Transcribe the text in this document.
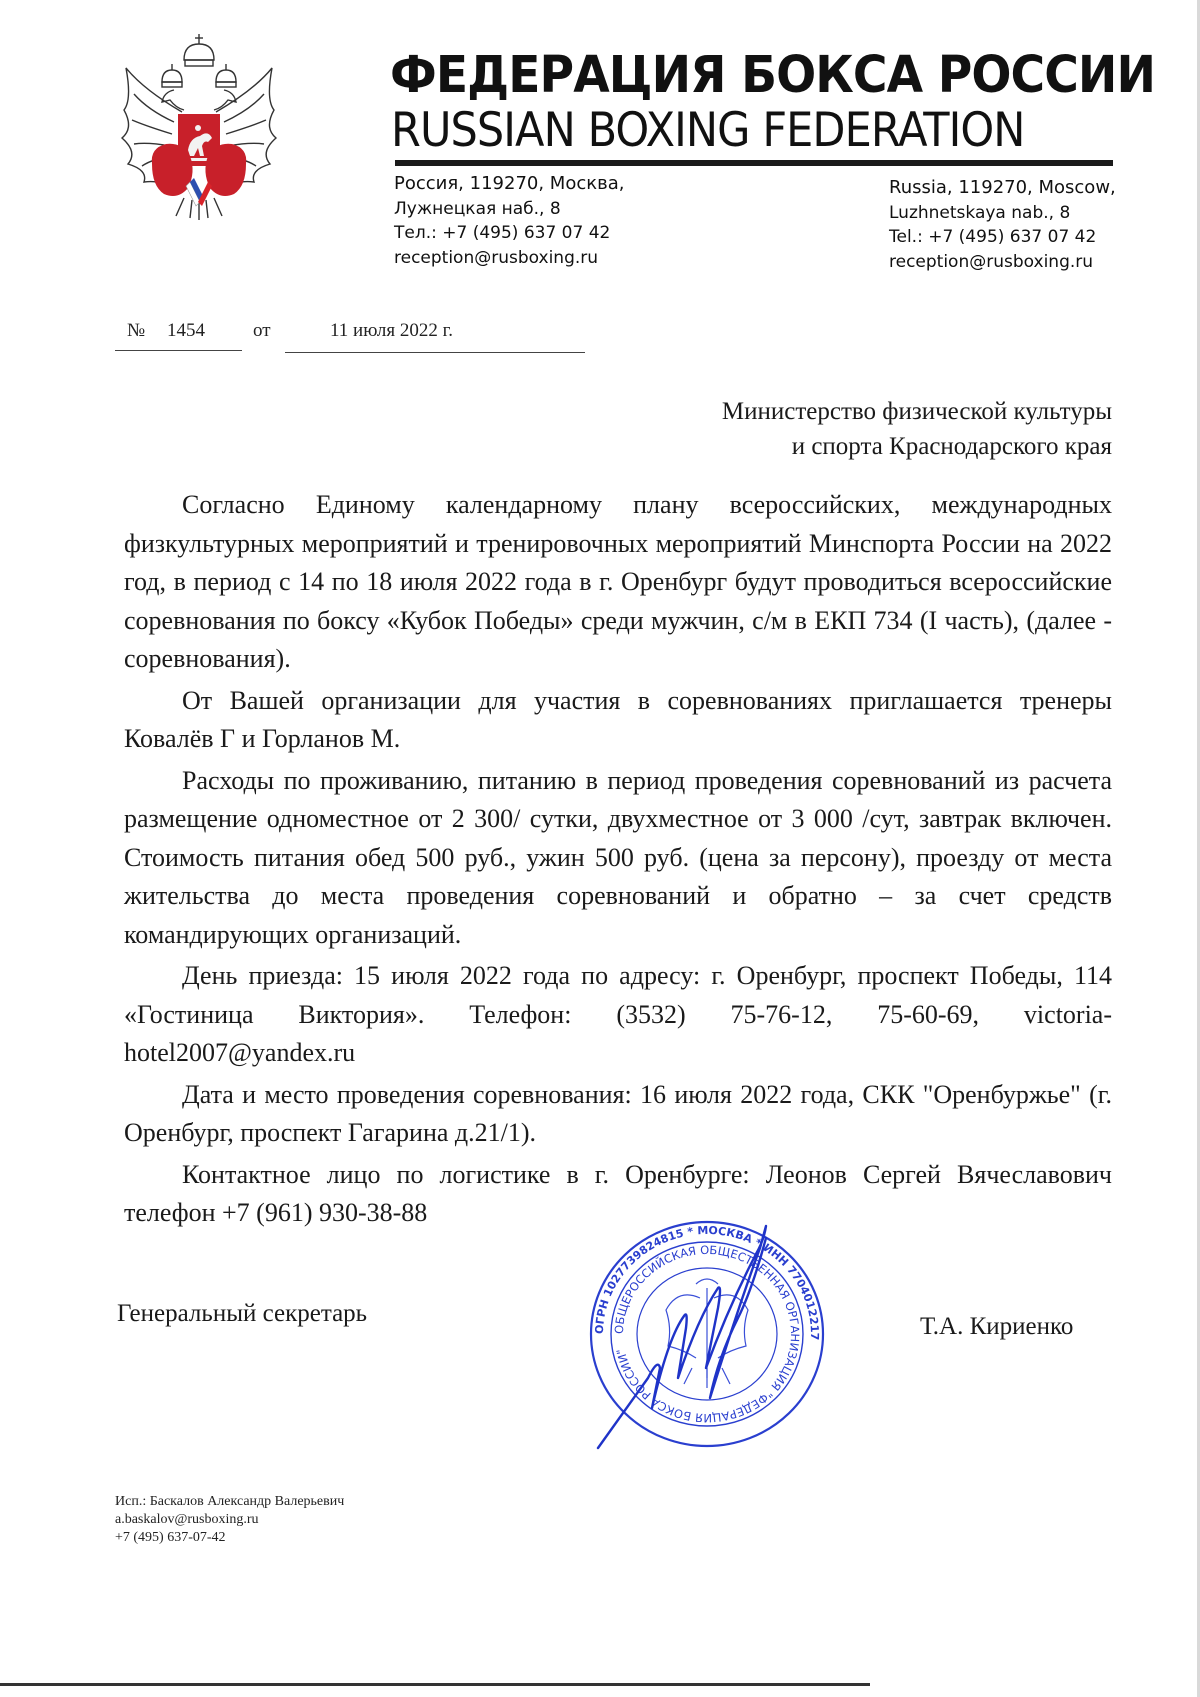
ФЕДЕРАЦИЯ БОКСА РОССИИ
RUSSIAN BOXING FEDERATION
Россия, 119270, Москва,
Лужнецкая наб., 8
Тел.: +7 (495) 637 07 42
reception@rusboxing.ru
Russia, 119270, Moscow,
Luzhnetskaya nab., 8
Tel.: +7 (495) 637 07 42
reception@rusboxing.ru
№ 1454	от	11 июля 2022 г.
Министерство физической культуры
и спорта Краснодарского края

Согласно Единому календарному плану всероссийских, международных физкультурных мероприятий и тренировочных мероприятий Минспорта России на 2022 год, в период с 14 по 18 июля 2022 года в г. Оренбург будут проводиться всероссийские соревнования по боксу «Кубок Победы» среди мужчин, с/м в ЕКП 734 (I часть), (далее - соревнования).

От Вашей организации для участия в соревнованиях приглашается тренеры Ковалёв Г и Горланов М.

Расходы по проживанию, питанию в период проведения соревнований из расчета размещение одноместное от 2 300/ сутки, двухместное от 3 000 /сут, завтрак включен. Стоимость питания обед 500 руб., ужин 500 руб. (цена за персону), проезду от места жительства до места проведения соревнований и обратно – за счет средств командирующих организаций.

День приезда: 15 июля 2022 года по адресу: г. Оренбург, проспект Победы, 114 «Гостиница Виктория». Телефон: (3532) 75-76-12, 75-60-69, victoria-hotel2007@yandex.ru

Дата и место проведения соревнования: 16 июля 2022 года, СКК "Оренбуржье" (г. Оренбург, проспект Гагарина д.21/1).

Контактное лицо по логистике в г. Оренбурге: Леонов Сергей Вячеславович телефон +7 (961) 930-38-88

Генеральный секретарь	Т.А. Кириенко
ОГРН 1027739824815 * МОСКВА * ИНН 7704012217
ОБЩЕРОССИЙСКАЯ ОБЩЕСТВЕННАЯ ОРГАНИЗАЦИЯ "ФЕДЕРАЦИЯ БОКСА РОССИИ"
Исп.: Баскалов Александр Валерьевич
a.baskalov@rusboxing.ru
+7 (495) 637-07-42
